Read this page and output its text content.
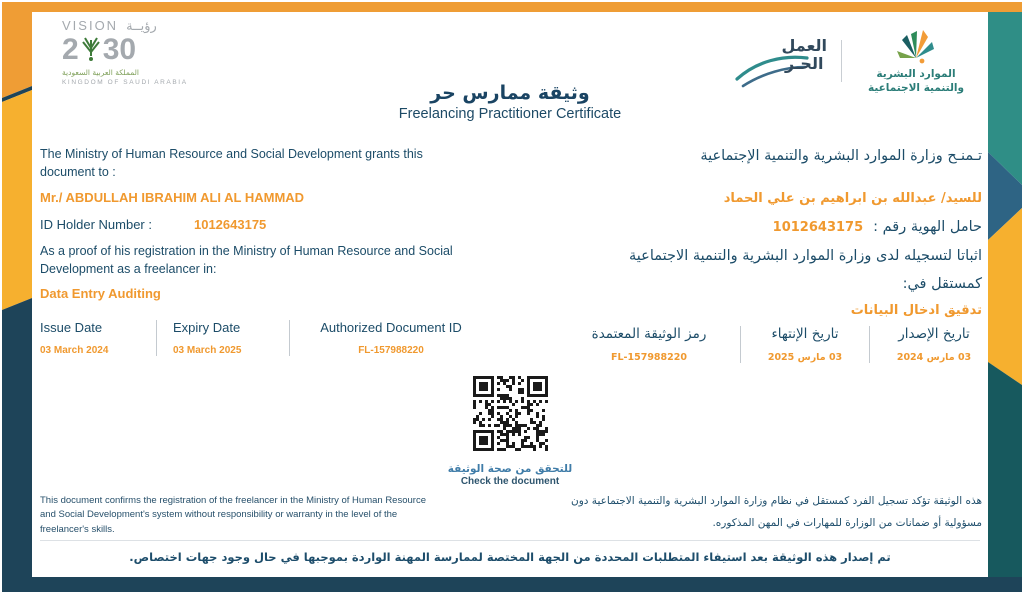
VISION رؤيــة
2 30
المملكة العربية السعودية
KINGDOM OF SAUDI ARABIA
العمل
الحـر
الموارد البشرية
والتنمية الاجتماعية
وثيقة ممارس حر
Freelancing Practitioner Certificate
The Ministry of Human Resource and Social Development grants this document to :
Mr./ ABDULLAH IBRAHIM ALI AL HAMMAD
ID Holder Number :	1012643175
As a proof of his registration in the Ministry of Human Resource and Social Development as a freelancer in:
Data Entry Auditing
تـمنـح وزارة الموارد البشرية والتنمية الإجتماعية
للسيد/ عبدالله بن ابراهيم بن علي الحماد
حامل الهوية رقم :1012643175
اثباتا لتسجيله لدى وزارة الموارد البشرية والتنمية الاجتماعية
كمستقل في:
تدقيق ادخال البيانات
Issue Date
03 March 2024
Expiry Date
03 March 2025
Authorized Document ID
FL-157988220
تاريخ الإصدار
03 مارس 2024
تاريخ الإنتهاء
03 مارس 2025
رمز الوثيقة المعتمدة
FL-157988220
للتحقق من صحة الوثيقة
Check the document
This document confirms the registration of the freelancer in the Ministry of Human Resource and Social Development's system without responsibility or warranty in the level of the freelancer's skills.
هذه الوثيقة تؤكد تسجيل الفرد كمستقل في نظام وزارة الموارد البشرية والتنمية الاجتماعية دون مسؤولية أو ضمانات من الوزارة للمهارات في المهن المذكوره.
تم إصدار هذه الوثيقة بعد استيفاء المتطلبات المحددة من الجهة المختصة لممارسة المهنة الواردة بموجبها في حال وجود جهات اختصاص.
